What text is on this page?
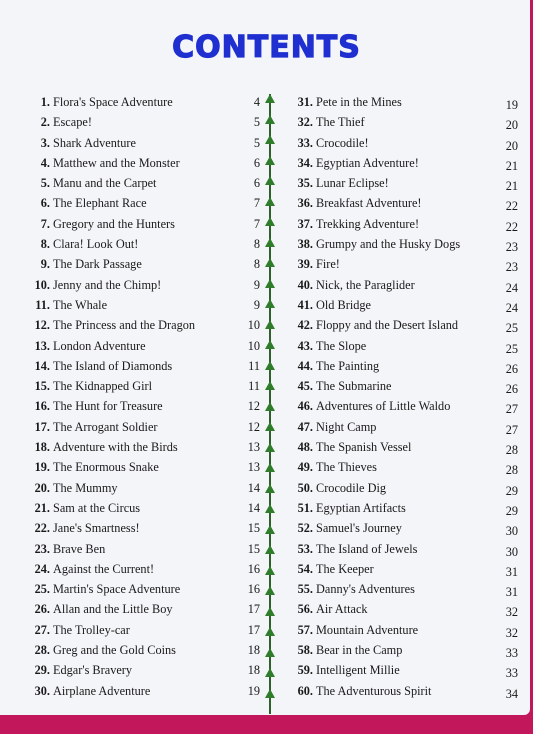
CONTENTS
1. Flora's Space Adventure	4
2. Escape!	5
3. Shark Adventure	5
4. Matthew and the Monster	6
5. Manu and the Carpet	6
6. The Elephant Race	7
7. Gregory and the Hunters	7
8. Clara! Look Out!	8
9. The Dark Passage	8
10. Jenny and the Chimp!	9
11. The Whale	9
12. The Princess and the Dragon	10
13. London Adventure	10
14. The Island of Diamonds	11
15. The Kidnapped Girl	11
16. The Hunt for Treasure	12
17. The Arrogant Soldier	12
18. Adventure with the Birds	13
19. The Enormous Snake	13
20. The Mummy	14
21. Sam at the Circus	14
22. Jane's Smartness!	15
23. Brave Ben	15
24. Against the Current!	16
25. Martin's Space Adventure	16
26. Allan and the Little Boy	17
27. The Trolley-car	17
28. Greg and the Gold Coins	18
29. Edgar's Bravery	18
30. Airplane Adventure	19
31. Pete in the Mines	19
32. The Thief	20
33. Crocodile!	20
34. Egyptian Adventure!	21
35. Lunar Eclipse!	21
36. Breakfast Adventure!	22
37. Trekking Adventure!	22
38. Grumpy and the Husky Dogs	23
39. Fire!	23
40. Nick, the Paraglider	24
41. Old Bridge	24
42. Floppy and the Desert Island	25
43. The Slope	25
44. The Painting	26
45. The Submarine	26
46. Adventures of Little Waldo	27
47. Night Camp	27
48. The Spanish Vessel	28
49. The Thieves	28
50. Crocodile Dig	29
51. Egyptian Artifacts	29
52. Samuel's Journey	30
53. The Island of Jewels	30
54. The Keeper	31
55. Danny's Adventures	31
56. Air Attack	32
57. Mountain Adventure	32
58. Bear in the Camp	33
59. Intelligent Millie	33
60. The Adventurous Spirit	34
